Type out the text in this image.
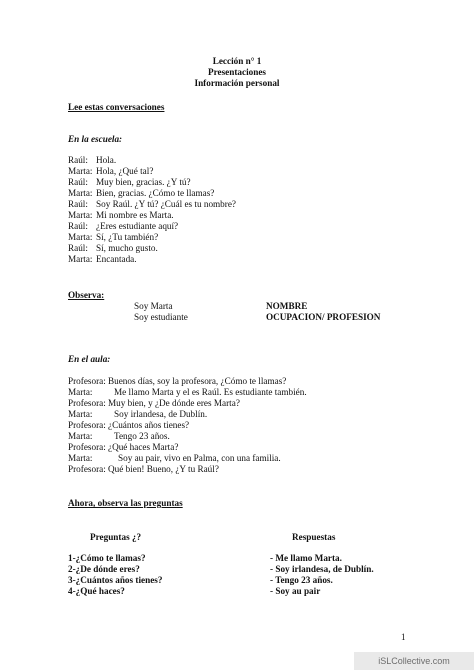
Lección n° 1
Presentaciones
Información personal
Lee estas conversaciones
En la escuela:
Raúl: Hola.
Marta: Hola, ¿Qué tal?
Raúl: Muy bien, gracias. ¿Y tú?
Marta: Bien, gracias. ¿Cómo te llamas?
Raúl: Soy Raúl. ¿Y tú? ¿Cuál es tu nombre?
Marta: Mi nombre es Marta.
Raúl: ¿Eres estudiante aquí?
Marta: Sí, ¿Tu también?
Raúl: Sí, mucho gusto.
Marta: Encantada.
Observa:
Soy Marta	NOMBRE
Soy estudiante	OCUPACION/ PROFESION
En el aula:
Profesora: Buenos días, soy la profesora, ¿Cómo te llamas?
Marta: Me llamo Marta y el es Raúl. Es estudiante también.
Profesora: Muy bien, y ¿De dónde eres Marta?
Marta: Soy irlandesa, de Dublín.
Profesora: ¿Cuántos años tienes?
Marta: Tengo 23 años.
Profesora: ¿Qué haces Marta?
Marta:	Soy au pair, vivo en Palma, con una familia.
Profesora: Qué bien! Bueno, ¿Y tu Raúl?
Ahora, observa las preguntas
Preguntas ¿?	Respuestas
1-¿Cómo te llamas?	- Me llamo Marta.
2-¿De dónde eres?	- Soy irlandesa, de Dublín.
3-¿Cuántos años tienes?	- Tengo 23 años.
4-¿Qué haces?	- Soy au pair
1
iSLCollective.com
